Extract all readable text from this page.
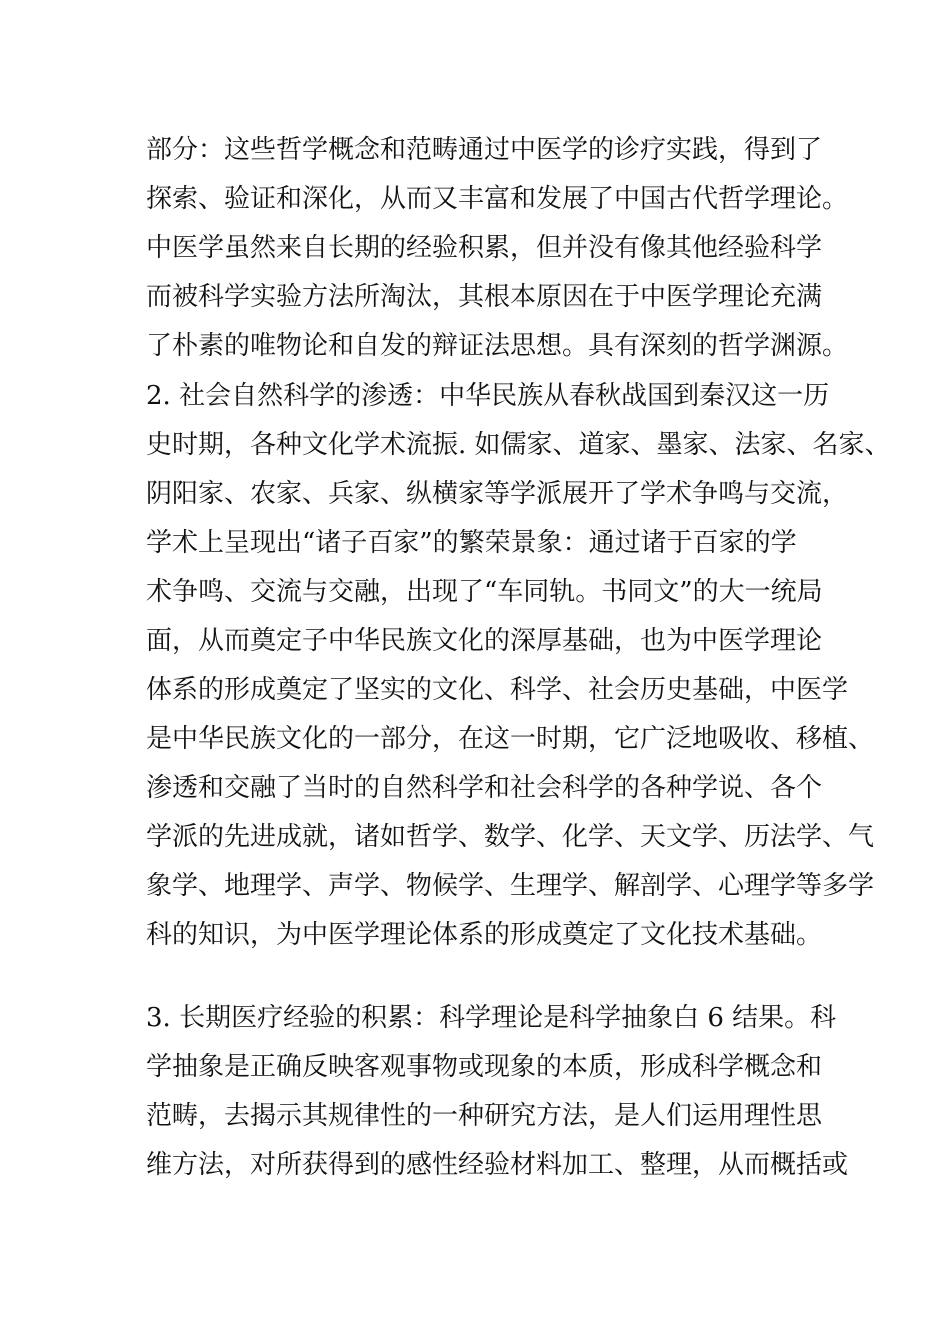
部分：这些哲学概念和范畴通过中医学的诊疗实践，得到了
探索、验证和深化，从而又丰富和发展了中国古代哲学理论。
中医学虽然来自长期的经验积累，但并没有像其他经验科学
而被科学实验方法所淘汰，其根本原因在于中医学理论充满
了朴素的唯物论和自发的辩证法思想。具有深刻的哲学渊源。
2. 社会自然科学的渗透：中华民族从春秋战国到秦汉这一历
史时期，各种文化学术流振. 如儒家、道家、墨家、法家、名家、
阴阳家、农家、兵家、纵横家等学派展开了学术争鸣与交流，
学术上呈现出“诸子百家”的繁荣景象：通过诸于百家的学
术争鸣、交流与交融，出现了“车同轨。书同文”的大一统局
面，从而奠定子中华民族文化的深厚基础，也为中医学理论
体系的形成奠定了坚实的文化、科学、社会历史基础，中医学
是中华民族文化的一部分，在这一时期，它广泛地吸收、移植、
渗透和交融了当时的自然科学和社会科学的各种学说、各个
学派的先进成就，诸如哲学、数学、化学、天文学、历法学、气
象学、地理学、声学、物候学、生理学、解剖学、心理学等多学
科的知识，为中医学理论体系的形成奠定了文化技术基础。
3. 长期医疗经验的积累：科学理论是科学抽象白 6 结果。科
学抽象是正确反映客观事物或现象的本质，形成科学概念和
范畴，去揭示其规律性的一种研究方法，是人们运用理性思
维方法，对所获得到的感性经验材料加工、整理，从而概括或
